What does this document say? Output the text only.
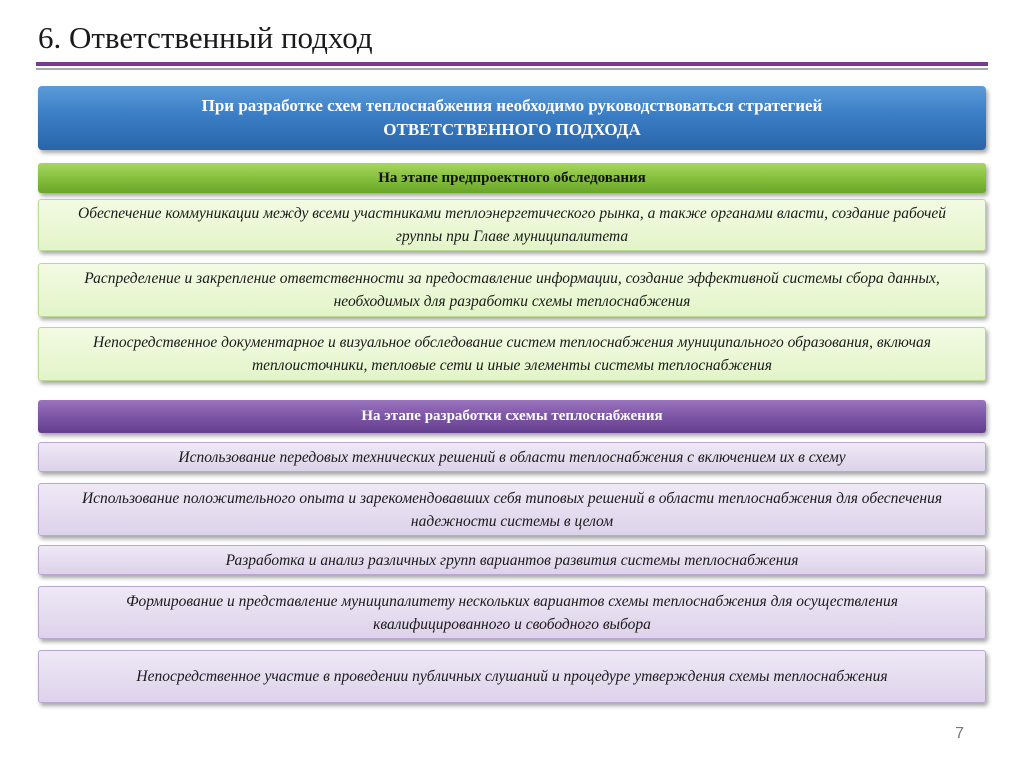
6. Ответственный подход
При разработке схем теплоснабжения необходимо руководствоваться стратегией
ОТВЕТСТВЕННОГО ПОДХОДА
На этапе предпроектного обследования
Обеспечение коммуникации между всеми участниками теплоэнергетического рынка, а также органами власти, создание рабочей группы при Главе муниципалитета
Распределение и закрепление ответственности за предоставление информации, создание эффективной системы сбора данных, необходимых для разработки схемы теплоснабжения
Непосредственное документарное и визуальное обследование систем теплоснабжения муниципального образования, включая теплоисточники, тепловые сети и иные элементы системы теплоснабжения
На этапе разработки схемы теплоснабжения
Использование передовых технических решений в области теплоснабжения с включением их в схему
Использование положительного опыта и зарекомендовавших себя типовых решений в области теплоснабжения для обеспечения надежности системы в целом
Разработка и анализ различных групп вариантов развития системы теплоснабжения
Формирование и представление муниципалитету нескольких вариантов схемы теплоснабжения для осуществления квалифицированного и свободного выбора
Непосредственное участие в проведении публичных слушаний и процедуре утверждения схемы теплоснабжения
7
